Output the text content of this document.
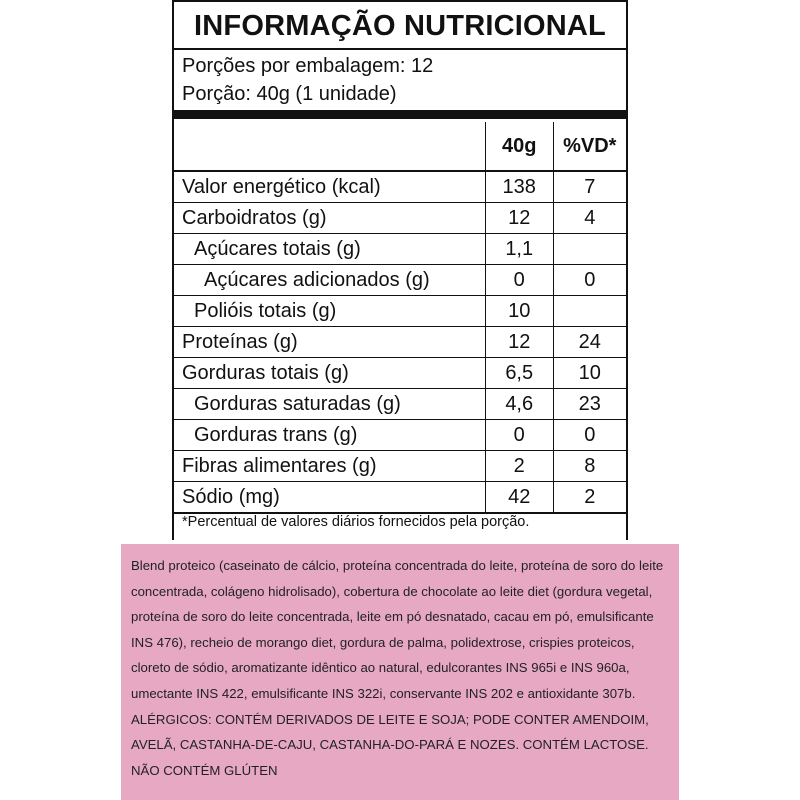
INFORMAÇÃO NUTRICIONAL
Porções por embalagem: 12
Porção: 40g (1 unidade)
	40g	%VD*
Valor energético (kcal)	138	7
Carboidratos (g)	12	4
Açúcares totais (g)	1,1	
Açúcares adicionados (g)	0	0
Polióis totais (g)	10	
Proteínas (g)	12	24
Gorduras totais (g)	6,5	10
Gorduras saturadas (g)	4,6	23
Gorduras trans (g)	0	0
Fibras alimentares (g)	2	8
Sódio (mg)	42	2
*Percentual de valores diários fornecidos pela porção.

Blend proteico (caseinato de cálcio, proteína concentrada do leite, proteína de soro do leite concentrada, colágeno hidrolisado), cobertura de chocolate ao leite diet (gordura vegetal, proteína de soro do leite concentrada, leite em pó desnatado, cacau em pó, emulsificante INS 476), recheio de morango diet, gordura de palma, polidextrose, crispies proteicos, cloreto de sódio, aromatizante idêntico ao natural, edulcorantes INS 965i e INS 960a, umectante INS 422, emulsificante INS 322i, conservante INS 202 e antioxidante 307b.

ALÉRGICOS: CONTÉM DERIVADOS DE LEITE E SOJA; PODE CONTER AMENDOIM, AVELÃ, CASTANHA-DE-CAJU, CASTANHA-DO-PARÁ E NOZES. CONTÉM LACTOSE. NÃO CONTÉM GLÚTEN
